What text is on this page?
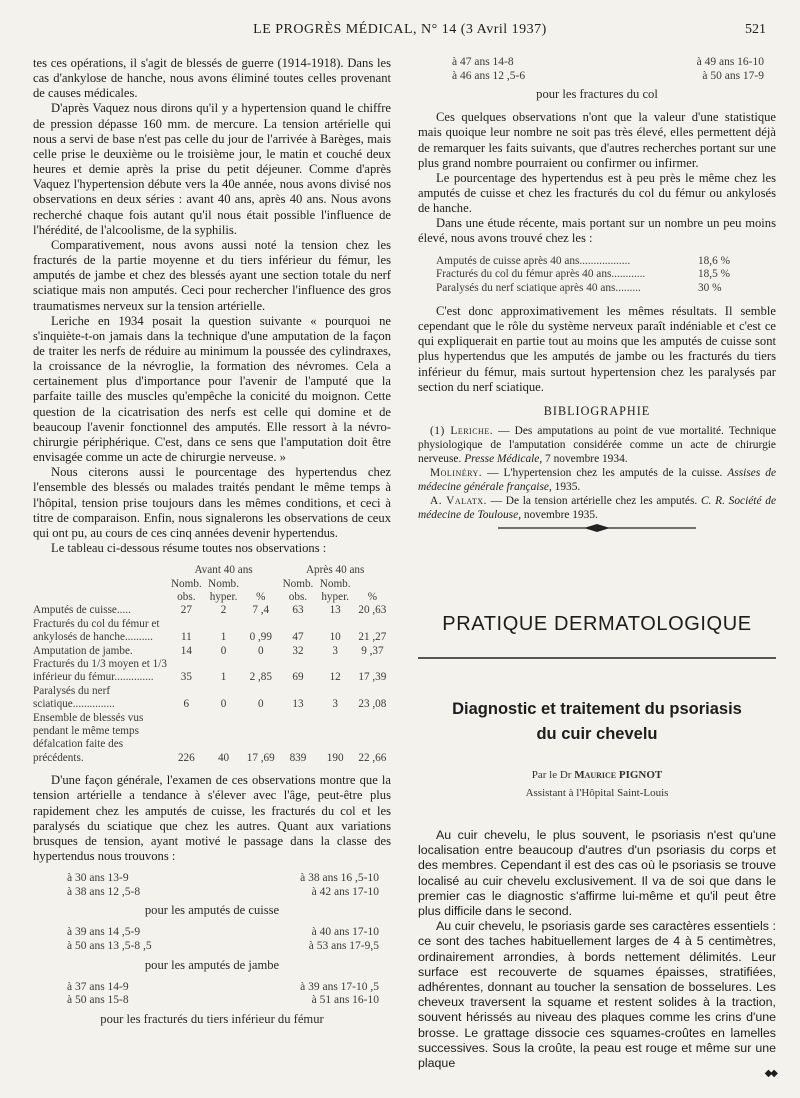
LE PROGRÈS MÉDICAL, N° 14 (3 Avril 1937)	521

tes ces opérations, il s'agit de blessés de guerre (1914-1918). Dans les cas d'ankylose de hanche, nous avons éliminé toutes celles provenant de causes médicales.

D'après Vaquez nous dirons qu'il y a hypertension quand le chiffre de pression dépasse 160 mm. de mercure. La tension artérielle qui nous a servi de base n'est pas celle du jour de l'arrivée à Barèges, mais celle prise le deuxième ou le troisième jour, le matin et couché deux heures et demie après la prise du petit déjeuner. Comme d'après Vaquez l'hypertension débute vers la 40e année, nous avons divisé nos observations en deux séries : avant 40 ans, après 40 ans. Nous avons recherché chaque fois autant qu'il nous était possible l'influence de l'hérédité, de l'alcoolisme, de la syphilis.

Comparativement, nous avons aussi noté la tension chez les fracturés de la partie moyenne et du tiers inférieur du fémur, les amputés de jambe et chez des blessés ayant une section totale du nerf sciatique mais non amputés. Ceci pour rechercher l'influence des gros traumatismes nerveux sur la tension artérielle.

Leriche en 1934 posait la question suivante « pourquoi ne s'inquiète-t-on jamais dans la technique d'une amputation de la façon de traiter les nerfs de réduire au minimum la poussée des cylindraxes, la croissance de la névroglie, la formation des névromes. Cela a certainement plus d'importance pour l'avenir de l'amputé que la parfaite taille des muscles qu'empêche la conicité du moignon. Cette question de la cicatrisation des nerfs est celle qui domine et de beaucoup l'avenir fonctionnel des amputés. Elle ressort à la névro-chirurgie périphérique. C'est, dans ce sens que l'amputation doit être envisagée comme un acte de chirurgie nerveuse. »

Nous citerons aussi le pourcentage des hypertendus chez l'ensemble des blessés ou malades traités pendant le même temps à l'hôpital, tension prise toujours dans les mêmes conditions, et ceci à titre de comparaison. Enfin, nous signalerons les observations de ceux qui ont pu, au cours de ces cinq années devenir hypertendus.

Le tableau ci-dessous résume toutes nos observations :

	Avant 40 ans			Après 40 ans		
	Nomb. obs.	Nomb. hyper.	%	Nomb. obs.	Nomb. hyper.	%
Amputés de cuisse.....	27	2	7 ,4	63	13	20 ,63
Fracturés du col du fémur et ankylosés de hanche..........	11	1	0 ,99	47	10	21 ,27
Amputation de jambe.	14	0	0	32	3	9 ,37
Fracturés du 1/3 moyen et 1/3 inférieur du fémur..............	35	1	2 ,85	69	12	17 ,39
Paralysés du nerf sciatique...............	6	0	0	13	3	23 ,08
Ensemble de blessés vus pendant le même temps défalcation faite des précédents.	226	40	17 ,69	839	190	22 ,66

D'une façon générale, l'examen de ces observations montre que la tension artérielle a tendance à s'élever avec l'âge, peut-être plus rapidement chez les amputés de cuisse, les fracturés du col et les paralysés du sciatique que chez les autres. Quant aux variations brusques de tension, ayant motivé le passage dans la classe des hypertendus nous trouvons :

à 30 ans 13-9	à 38 ans 16 ,5-10
à 38 ans 12 ,5-8	à 42 ans 17-10
pour les amputés de cuisse
à 39 ans 14 ,5-9	à 40 ans 17-10
à 50 ans 13 ,5-8 ,5	à 53 ans 17-9,5
pour les amputés de jambe
à 37 ans 14-9	à 39 ans 17-10 ,5
à 50 ans 15-8	à 51 ans 16-10
pour les fracturés du tiers inférieur du fémur
à 47 ans 14-8	à 49 ans 16-10
à 46 ans 12 ,5-6	à 50 ans 17-9
pour les fractures du col

Ces quelques observations n'ont que la valeur d'une statistique mais quoique leur nombre ne soit pas très élevé, elles permettent déjà de remarquer les faits suivants, que d'autres recherches portant sur une plus grand nombre pourraient ou confirmer ou infirmer.

Le pourcentage des hypertendus est à peu près le même chez les amputés de cuisse et chez les fracturés du col du fémur ou ankylosés de hanche.

Dans une étude récente, mais portant sur un nombre un peu moins élevé, nous avons trouvé chez les :

Amputés de cuisse après 40 ans..................	18,6 %
Fracturés du col du fémur après 40 ans............	18,5 %
Paralysés du nerf sciatique après 40 ans.........	30 %

C'est donc approximativement les mêmes résultats. Il semble cependant que le rôle du système nerveux paraît indéniable et c'est ce qui expliquerait en partie tout au moins que les amputés de cuisse sont plus hypertendus que les amputés de jambe ou les fracturés du tiers inférieur du fémur, mais surtout hypertension chez les paralysés par section du nerf sciatique.

BIBLIOGRAPHIE

(1) Leriche. — Des amputations au point de vue mortalité. Technique physiologique de l'amputation considérée comme un acte de chirurgie nerveuse. Presse Médicale, 7 novembre 1934.

Molinéry. — L'hypertension chez les amputés de la cuisse. Assises de médecine générale française, 1935.

A. Valatx. — De la tension artérielle chez les amputés. C. R. Société de médecine de Toulouse, novembre 1935.

PRATIQUE DERMATOLOGIQUE
Diagnostic et traitement du psoriasis
du cuir chevelu
Par le Dr Maurice PIGNOT
Assistant à l'Hôpital Saint-Louis

Au cuir chevelu, le plus souvent, le psoriasis n'est qu'une localisation entre beaucoup d'autres d'un psoriasis du corps et des membres. Cependant il est des cas où le psoriasis se trouve localisé au cuir chevelu exclusivement. Il va de soi que dans le premier cas le diagnostic s'affirme lui-même et qu'il peut être plus difficile dans le second.

Au cuir chevelu, le psoriasis garde ses caractères essentiels : ce sont des taches habituellement larges de 4 à 5 centimètres, ordinairement arrondies, à bords nettement délimités. Leur surface est recouverte de squames épaisses, stratifiées, adhérentes, donnant au toucher la sensation de bosselures. Les cheveux traversent la squame et restent solides à la traction, souvent hérissés au niveau des plaques comme les crins d'une brosse. Le grattage dissocie ces squames-croûtes en lamelles successives. Sous la croûte, la peau est rouge et même sur une plaque

◆◆
